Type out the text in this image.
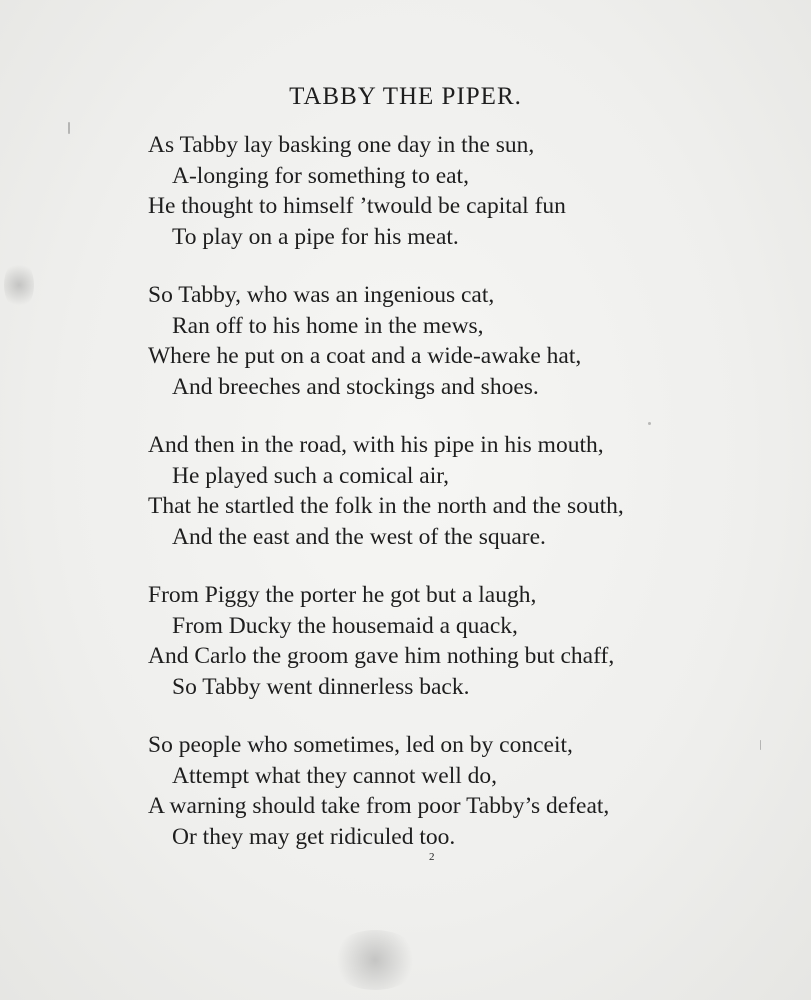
TABBY THE PIPER.
As Tabby lay basking one day in the sun,
A-longing for something to eat,
He thought to himself ’twould be capital fun
To play on a pipe for his meat.
So Tabby, who was an ingenious cat,
Ran off to his home in the mews,
Where he put on a coat and a wide-awake hat,
And breeches and stockings and shoes.
And then in the road, with his pipe in his mouth,
He played such a comical air,
That he startled the folk in the north and the south,
And the east and the west of the square.
From Piggy the porter he got but a laugh,
From Ducky the housemaid a quack,
And Carlo the groom gave him nothing but chaff,
So Tabby went dinnerless back.
So people who sometimes, led on by conceit,
Attempt what they cannot well do,
A warning should take from poor Tabby’s defeat,
Or they may get ridiculed too.
2
